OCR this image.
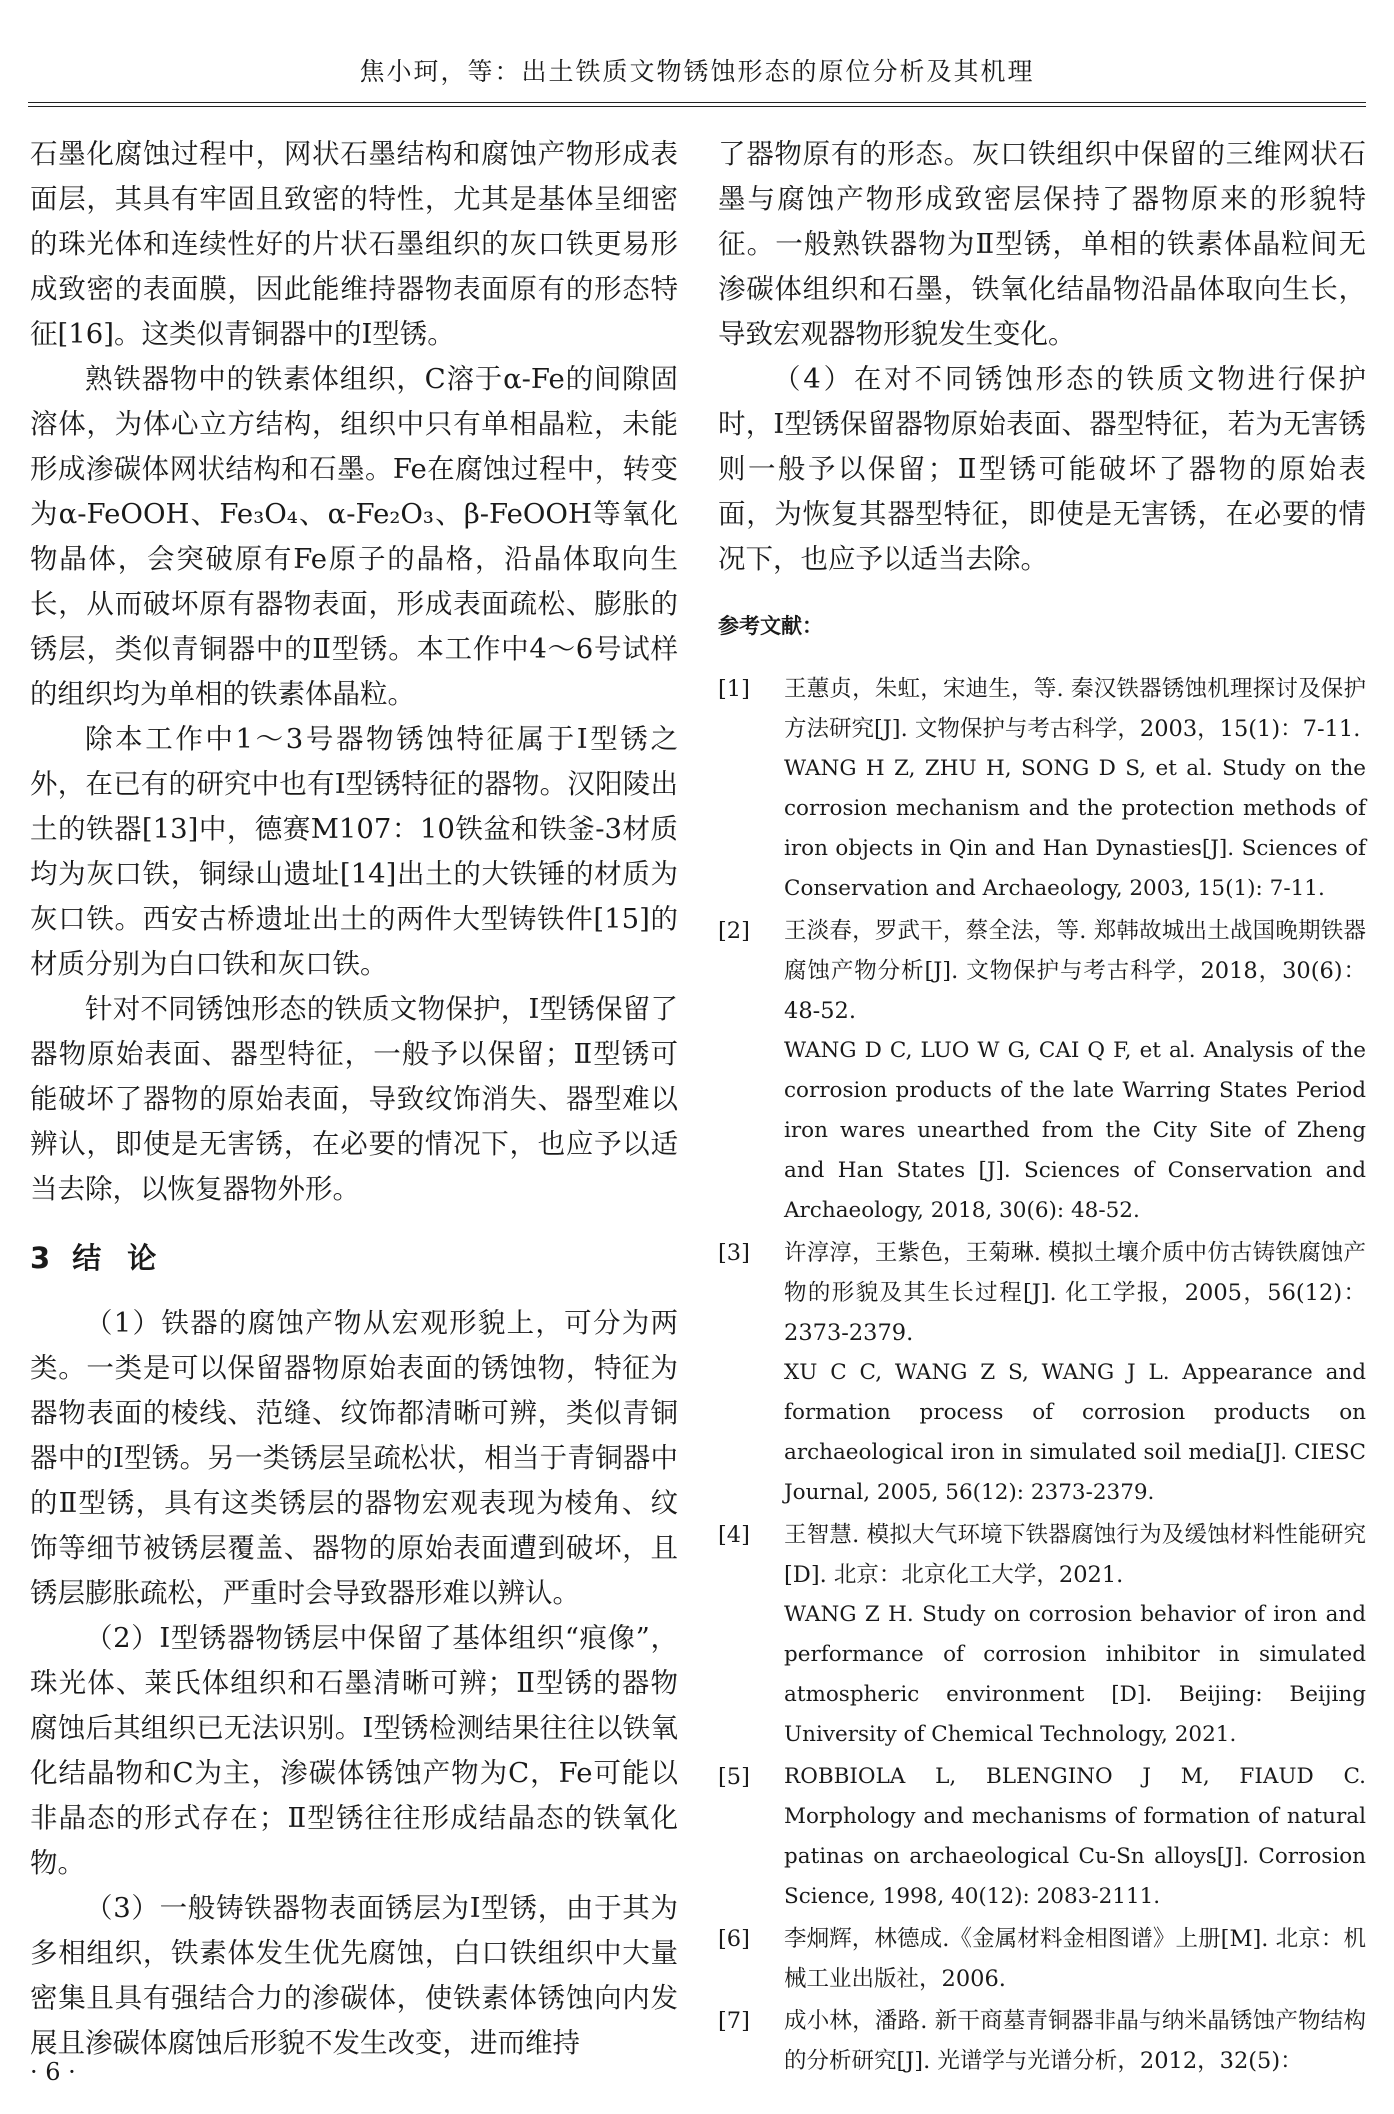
焦小珂，等：出土铁质文物锈蚀形态的原位分析及其机理

石墨化腐蚀过程中，网状石墨结构和腐蚀产物形成表面层，其具有牢固且致密的特性，尤其是基体呈细密的珠光体和连续性好的片状石墨组织的灰口铁更易形成致密的表面膜，因此能维持器物表面原有的形态特征[16]。这类似青铜器中的Ⅰ型锈。

熟铁器物中的铁素体组织，C溶于α-Fe的间隙固溶体，为体心立方结构，组织中只有单相晶粒，未能形成渗碳体网状结构和石墨。Fe在腐蚀过程中，转变为α-FeOOH、Fe₃O₄、α-Fe₂O₃、β-FeOOH等氧化物晶体，会突破原有Fe原子的晶格，沿晶体取向生长，从而破坏原有器物表面，形成表面疏松、膨胀的锈层，类似青铜器中的Ⅱ型锈。本工作中4～6号试样的组织均为单相的铁素体晶粒。

除本工作中1～3号器物锈蚀特征属于Ⅰ型锈之外，在已有的研究中也有Ⅰ型锈特征的器物。汉阳陵出土的铁器[13]中，德赛M107：10铁盆和铁釜-3材质均为灰口铁，铜绿山遗址[14]出土的大铁锤的材质为灰口铁。西安古桥遗址出土的两件大型铸铁件[15]的材质分别为白口铁和灰口铁。

针对不同锈蚀形态的铁质文物保护，Ⅰ型锈保留了器物原始表面、器型特征，一般予以保留；Ⅱ型锈可能破坏了器物的原始表面，导致纹饰消失、器型难以辨认，即使是无害锈，在必要的情况下，也应予以适当去除，以恢复器物外形。

3 结论

（1）铁器的腐蚀产物从宏观形貌上，可分为两类。一类是可以保留器物原始表面的锈蚀物，特征为器物表面的棱线、范缝、纹饰都清晰可辨，类似青铜器中的Ⅰ型锈。另一类锈层呈疏松状，相当于青铜器中的Ⅱ型锈，具有这类锈层的器物宏观表现为棱角、纹饰等细节被锈层覆盖、器物的原始表面遭到破坏，且锈层膨胀疏松，严重时会导致器形难以辨认。

（2）Ⅰ型锈器物锈层中保留了基体组织“痕像”，珠光体、莱氏体组织和石墨清晰可辨；Ⅱ型锈的器物腐蚀后其组织已无法识别。Ⅰ型锈检测结果往往以铁氧化结晶物和C为主，渗碳体锈蚀产物为C，Fe可能以非晶态的形式存在；Ⅱ型锈往往形成结晶态的铁氧化物。

（3）一般铸铁器物表面锈层为Ⅰ型锈，由于其为多相组织，铁素体发生优先腐蚀，白口铁组织中大量密集且具有强结合力的渗碳体，使铁素体锈蚀向内发展且渗碳体腐蚀后形貌不发生改变，进而维持

了器物原有的形态。灰口铁组织中保留的三维网状石墨与腐蚀产物形成致密层保持了器物原来的形貌特征。一般熟铁器物为Ⅱ型锈，单相的铁素体晶粒间无渗碳体组织和石墨，铁氧化结晶物沿晶体取向生长，导致宏观器物形貌发生变化。

（4）在对不同锈蚀形态的铁质文物进行保护时，Ⅰ型锈保留器物原始表面、器型特征，若为无害锈则一般予以保留；Ⅱ型锈可能破坏了器物的原始表面，为恢复其器型特征，即使是无害锈，在必要的情况下，也应予以适当去除。

参考文献：

[1] 王蕙贞，朱虹，宋迪生，等. 秦汉铁器锈蚀机理探讨及保护方法研究[J]. 文物保护与考古科学，2003，15(1)：7-11.

WANG H Z, ZHU H, SONG D S, et al. Study on the corrosion mechanism and the protection methods of iron objects in Qin and Han Dynasties[J]. Sciences of Conservation and Archaeology, 2003, 15(1): 7-11.

[2] 王淡春，罗武干，蔡全法，等. 郑韩故城出土战国晚期铁器腐蚀产物分析[J]. 文物保护与考古科学，2018，30(6)：48-52.

WANG D C, LUO W G, CAI Q F, et al. Analysis of the corrosion products of the late Warring States Period iron wares unearthed from the City Site of Zheng and Han States [J]. Sciences of Conservation and Archaeology, 2018, 30(6): 48-52.

[3] 许淳淳，王紫色，王菊琳. 模拟土壤介质中仿古铸铁腐蚀产物的形貌及其生长过程[J]. 化工学报，2005，56(12)：2373-2379.

XU C C, WANG Z S, WANG J L. Appearance and formation process of corrosion products on archaeological iron in simulated soil media[J]. CIESC Journal, 2005, 56(12): 2373-2379.

[4] 王智慧. 模拟大气环境下铁器腐蚀行为及缓蚀材料性能研究[D]. 北京：北京化工大学，2021.

WANG Z H. Study on corrosion behavior of iron and performance of corrosion inhibitor in simulated atmospheric environment [D]. Beijing: Beijing University of Chemical Technology, 2021.

[5] ROBBIOLA L, BLENGINO J M, FIAUD C. Morphology and mechanisms of formation of natural patinas on archaeological Cu-Sn alloys[J]. Corrosion Science, 1998, 40(12): 2083-2111.

[6] 李炯辉，林德成.《金属材料金相图谱》上册[M]. 北京：机械工业出版社，2006.

[7] 成小林，潘路. 新干商墓青铜器非晶与纳米晶锈蚀产物结构的分析研究[J]. 光谱学与光谱分析，2012，32(5)：

· 6 ·
